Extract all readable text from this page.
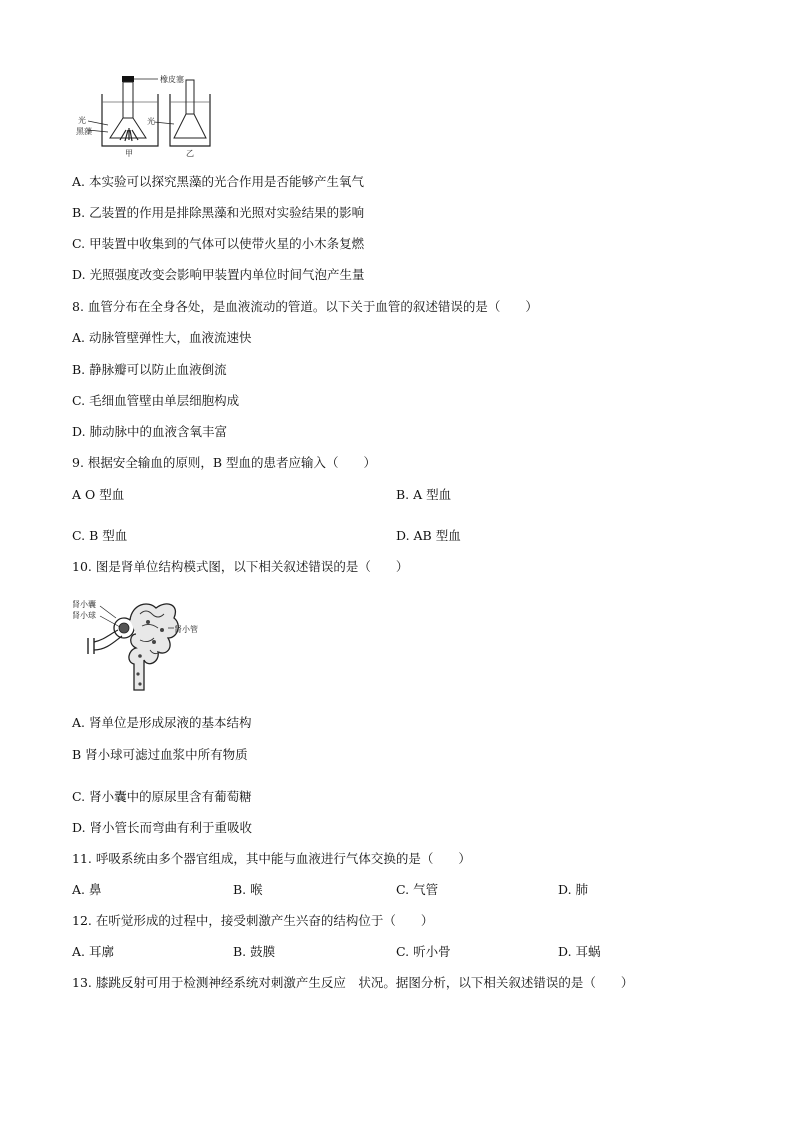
橡皮塞
光
黑藻
甲
光
乙
A. 本实验可以探究黑藻的光合作用是否能够产生氧气
B. 乙装置的作用是排除黑藻和光照对实验结果的影响
C. 甲装置中收集到的气体可以使带火星的小木条复燃
D. 光照强度改变会影响甲装置内单位时间气泡产生量
8. 血管分布在全身各处，是血液流动的管道。以下关于血管的叙述错误的是（　　）
A. 动脉管壁弹性大，血液流速快
B. 静脉瓣可以防止血液倒流
C. 毛细血管壁由单层细胞构成
D. 肺动脉中的血液含氧丰富
9. 根据安全输血的原则，B 型血的患者应输入（　　）
A O 型血	B. A 型血
C. B 型血	D. AB 型血
10. 图是肾单位结构模式图，以下相关叙述错误的是（　　）
肾小囊
肾小球
肾小管
A. 肾单位是形成尿液的基本结构
B 肾小球可滤过血浆中所有物质
C. 肾小囊中的原尿里含有葡萄糖
D. 肾小管长而弯曲有利于重吸收
11. 呼吸系统由多个器官组成，其中能与血液进行气体交换的是（　　）
A. 鼻	B. 喉	C. 气管	D. 肺
12. 在听觉形成的过程中，接受刺激产生兴奋的结构位于（　　）
A. 耳廓	B. 鼓膜	C. 听小骨	D. 耳蜗
13. 膝跳反射可用于检测神经系统对刺激产生反应　状况。据图分析，以下相关叙述错误的是（　　）
